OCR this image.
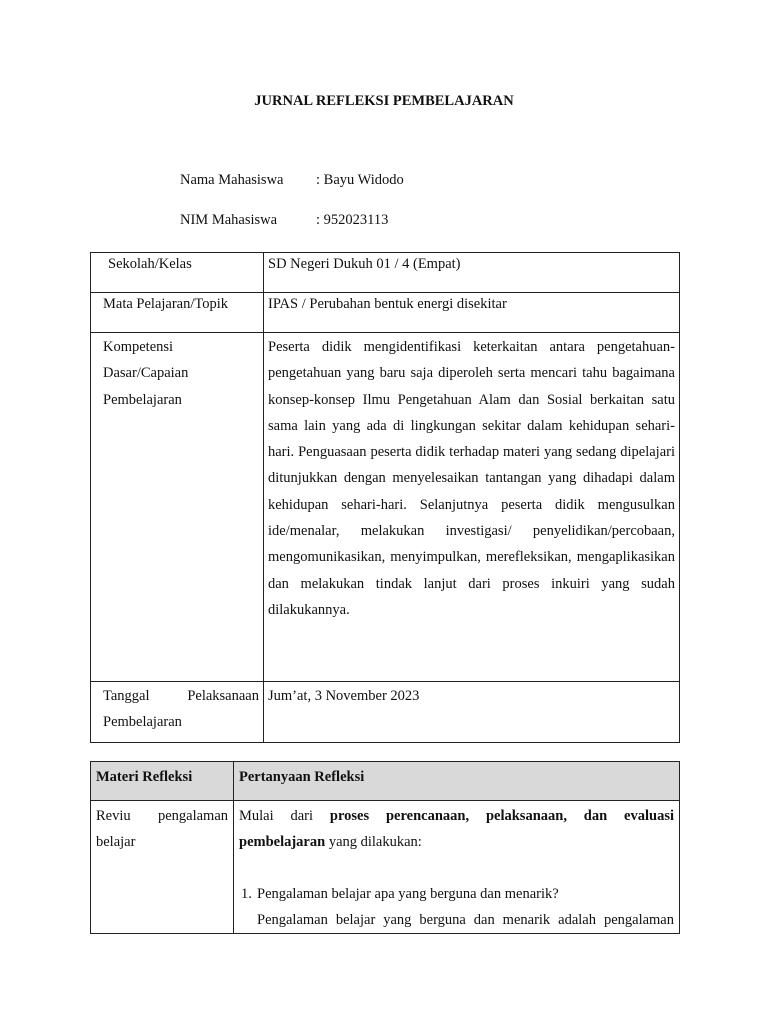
JURNAL REFLEKSI PEMBELAJARAN
Nama Mahasiswa : Bayu Widodo
NIM Mahasiswa	: 952023113
Sekolah/Kelas	SD Negeri Dukuh 01 / 4 (Empat)
Mata Pelajaran/Topik	IPAS / Perubahan bentuk energi disekitar
Kompetensi Dasar/Capaian Pembelajaran	Peserta didik mengidentifikasi keterkaitan antara pengetahuan-pengetahuan yang baru saja diperoleh serta mencari tahu bagaimana konsep-konsep Ilmu Pengetahuan Alam dan Sosial berkaitan satu sama lain yang ada di lingkungan sekitar dalam kehidupan sehari-hari. Penguasaan peserta didik terhadap materi yang sedang dipelajari ditunjukkan dengan menyelesaikan tantangan yang dihadapi dalam kehidupan sehari-hari. Selanjutnya peserta didik mengusulkan ide/menalar, melakukan investigasi/ penyelidikan/percobaan, mengomunikasikan, menyimpulkan, merefleksikan, mengaplikasikan dan melakukan tindak lanjut dari proses inkuiri yang sudah dilakukannya.
Tanggal Pelaksanaan Pembelajaran	Jum’at, 3 November 2023
Materi Refleksi	Pertanyaan Refleksi
Reviu pengalaman belajar	Mulai dari proses perencanaan, pelaksanaan, dan evaluasi pembelajaran yang dilakukan:
1. Pengalaman belajar apa yang berguna dan menarik?
Pengalaman belajar yang berguna dan menarik adalah pengalaman
